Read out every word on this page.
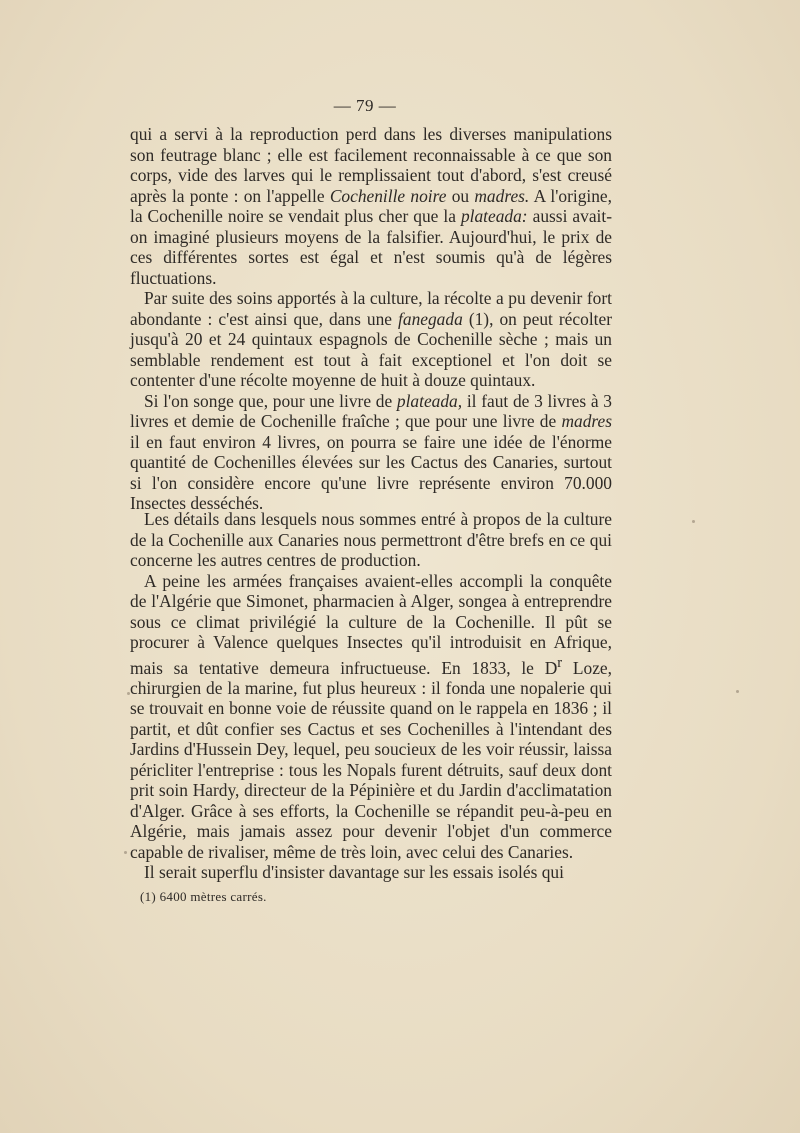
— 79 —

qui a servi à la reproduction perd dans les diverses manipulations son feutrage blanc ; elle est facilement reconnaissable à ce que son corps, vide des larves qui le remplissaient tout d'abord, s'est creusé après la ponte : on l'appelle Cochenille noire ou madres. A l'origine, la Cochenille noire se vendait plus cher que la plateada: aussi avait-on imaginé plusieurs moyens de la falsifier. Aujourd'hui, le prix de ces différentes sortes est égal et n'est soumis qu'à de légères fluctuations.

Par suite des soins apportés à la culture, la récolte a pu devenir fort abondante : c'est ainsi que, dans une fanegada (1), on peut récolter jusqu'à 20 et 24 quintaux espagnols de Cochenille sèche ; mais un semblable rendement est tout à fait exceptionel et l'on doit se contenter d'une récolte moyenne de huit à douze quintaux.

Si l'on songe que, pour une livre de plateada, il faut de 3 livres à 3 livres et demie de Cochenille fraîche ; que pour une livre de madres il en faut environ 4 livres, on pourra se faire une idée de l'énorme quantité de Cochenilles élevées sur les Cactus des Canaries, surtout si l'on considère encore qu'une livre représente environ 70.000 Insectes desséchés.

Les détails dans lesquels nous sommes entré à propos de la culture de la Cochenille aux Canaries nous permettront d'être brefs en ce qui concerne les autres centres de production.

A peine les armées françaises avaient-elles accompli la conquête de l'Algérie que Simonet, pharmacien à Alger, songea à entreprendre sous ce climat privilégié la culture de la Cochenille. Il pût se procurer à Valence quelques Insectes qu'il introduisit en Afrique, mais sa tentative demeura infructueuse. En 1833, le $D^r$ Loze, chirurgien de la marine, fut plus heureux : il fonda une nopalerie qui se trouvait en bonne voie de réussite quand on le rappela en 1836 ; il partit, et dût confier ses Cactus et ses Cochenilles à l'intendant des Jardins d'Hussein Dey, lequel, peu soucieux de les voir réussir, laissa péricliter l'entreprise : tous les Nopals furent détruits, sauf deux dont prit soin Hardy, directeur de la Pépinière et du Jardin d'acclimatation d'Alger. Grâce à ses efforts, la Cochenille se répandit peu-à-peu en Algérie, mais jamais assez pour devenir l'objet d'un commerce capable de rivaliser, même de très loin, avec celui des Canaries.

Il serait superflu d'insister davantage sur les essais isolés qui

(1) 6400 mètres carrés.
